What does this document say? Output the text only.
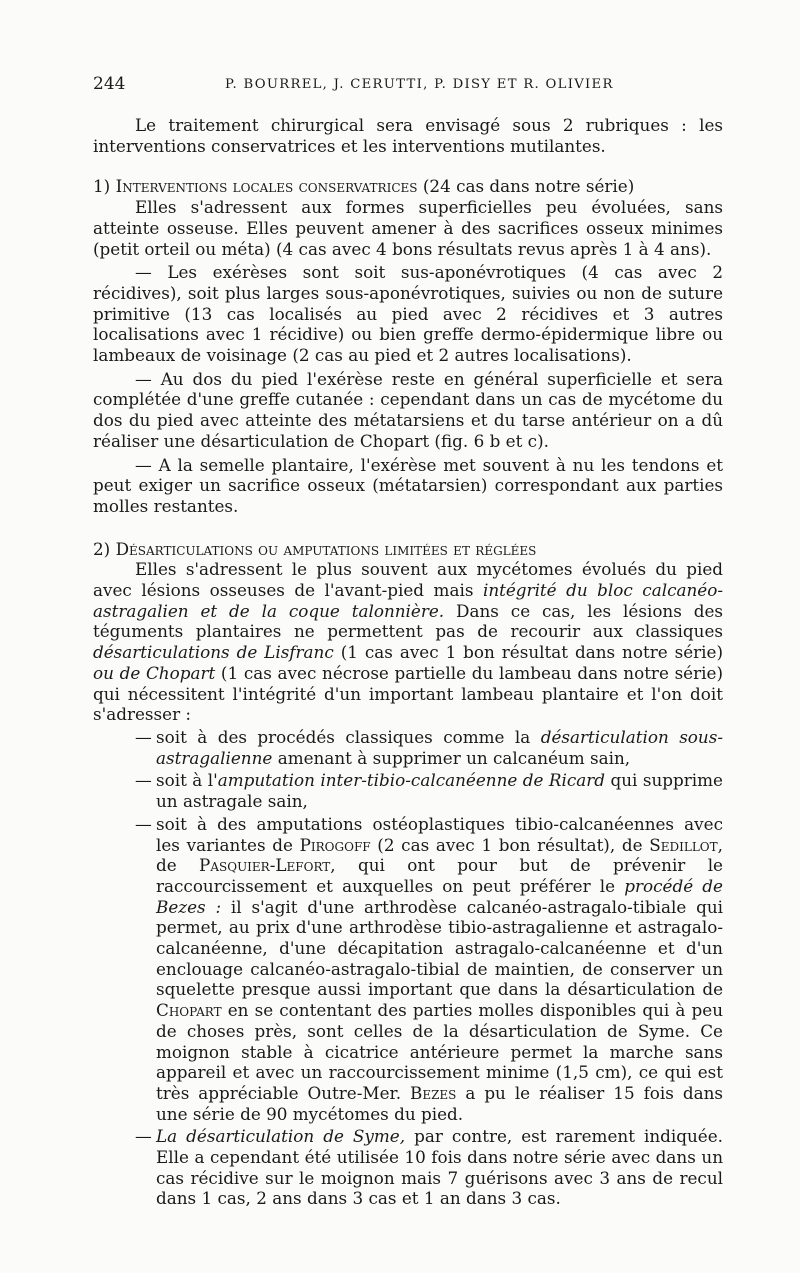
244	P. BOURREL, J. CERUTTI, P. DISY ET R. OLIVIER

Le traitement chirurgical sera envisagé sous 2 rubriques : les interventions conservatrices et les interventions mutilantes.

1) Interventions locales conservatrices (24 cas dans notre série)

Elles s'adressent aux formes superficielles peu évoluées, sans atteinte osseuse. Elles peuvent amener à des sacrifices osseux minimes (petit orteil ou méta) (4 cas avec 4 bons résultats revus après 1 à 4 ans).

— Les exérèses sont soit sus-aponévrotiques (4 cas avec 2 récidives), soit plus larges sous-aponévrotiques, suivies ou non de suture primitive (13 cas localisés au pied avec 2 récidives et 3 autres localisations avec 1 récidive) ou bien greffe dermo-épidermique libre ou lambeaux de voisinage (2 cas au pied et 2 autres localisations).

— Au dos du pied l'exérèse reste en général superficielle et sera complétée d'une greffe cutanée : cependant dans un cas de mycétome du dos du pied avec atteinte des métatarsiens et du tarse antérieur on a dû réaliser une désarticulation de Chopart (fig. 6 b et c).

— A la semelle plantaire, l'exérèse met souvent à nu les tendons et peut exiger un sacrifice osseux (métatarsien) correspondant aux parties molles restantes.

2) Désarticulations ou amputations limitées et réglées

Elles s'adressent le plus souvent aux mycétomes évolués du pied avec lésions osseuses de l'avant-pied mais intégrité du bloc calcanéo-astragalien et de la coque talonnière. Dans ce cas, les lésions des téguments plantaires ne permettent pas de recourir aux classiques désarticulations de Lisfranc (1 cas avec 1 bon résultat dans notre série) ou de Chopart (1 cas avec nécrose partielle du lambeau dans notre série) qui nécessitent l'intégrité d'un important lambeau plantaire et l'on doit s'adresser :

— soit à des procédés classiques comme la désarticulation sous-astragalienne amenant à supprimer un calcanéum sain,
— soit à l'amputation inter-tibio-calcanéenne de Ricard qui supprime un astragale sain,
— soit à des amputations ostéoplastiques tibio-calcanéennes avec les variantes de Pirogoff (2 cas avec 1 bon résultat), de Sedillot, de Pasquier-Lefort, qui ont pour but de prévenir le raccourcissement et auxquelles on peut préférer le procédé de Bezes : il s'agit d'une arthrodèse calcanéo-astragalo-tibiale qui permet, au prix d'une arthrodèse tibio-astragalienne et astragalo-calcanéenne, d'une décapitation astragalo-calcanéenne et d'un enclouage calcanéo-astragalo-tibial de maintien, de conserver un squelette presque aussi important que dans la désarticulation de Chopart en se contentant des parties molles disponibles qui à peu de choses près, sont celles de la désarticulation de Syme. Ce moignon stable à cicatrice antérieure permet la marche sans appareil et avec un raccourcissement minime (1,5 cm), ce qui est très appréciable Outre-Mer. Bezes a pu le réaliser 15 fois dans une série de 90 mycétomes du pied.
— La désarticulation de Syme, par contre, est rarement indiquée. Elle a cependant été utilisée 10 fois dans notre série avec dans un cas récidive sur le moignon mais 7 guérisons avec 3 ans de recul dans 1 cas, 2 ans dans 3 cas et 1 an dans 3 cas.
